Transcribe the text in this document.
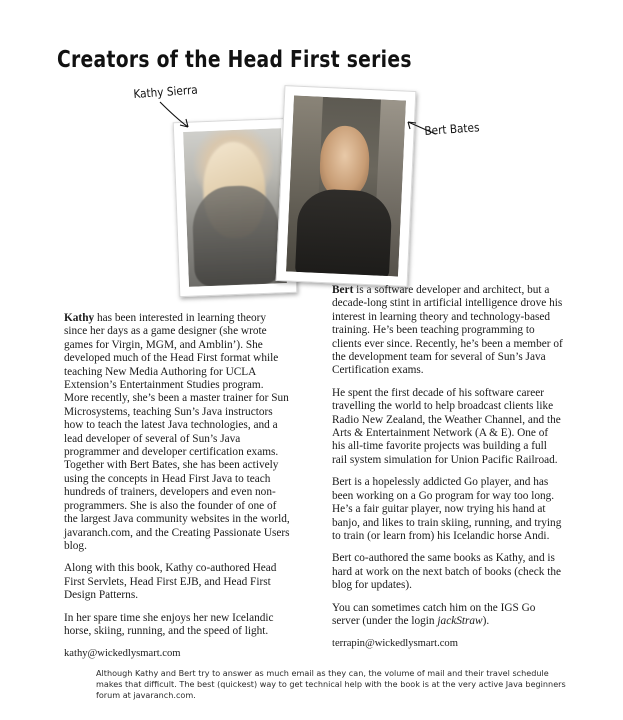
Creators of the Head First series
Kathy Sierra
Bert Bates

Kathy has been interested in learning theory since her days as a game designer (she wrote games for Virgin, MGM, and Amblin’). She developed much of the Head First format while teaching New Media Authoring for UCLA Extension’s Entertainment Studies program. More recently, she’s been a master trainer for Sun Microsystems, teaching Sun’s Java instructors how to teach the latest Java technologies, and a lead developer of several of Sun’s Java programmer and developer certification exams. Together with Bert Bates, she has been actively using the concepts in Head First Java to teach hundreds of trainers, developers and even non-programmers. She is also the founder of one of the largest Java community websites in the world, javaranch.com, and the Creating Passionate Users blog.

Along with this book, Kathy co-authored Head First Servlets, Head First EJB, and Head First Design Patterns.

In her spare time she enjoys her new Icelandic horse, skiing, running, and the speed of light.

kathy@wickedlysmart.com

Bert is a software developer and architect, but a decade-long stint in artificial intelligence drove his interest in learning theory and technology-based training. He’s been teaching programming to clients ever since. Recently, he’s been a member of the development team for several of Sun’s Java Certification exams.

He spent the first decade of his software career travelling the world to help broadcast clients like Radio New Zealand, the Weather Channel, and the Arts & Entertainment Network (A & E). One of his all-time favorite projects was building a full rail system simulation for Union Pacific Railroad.

Bert is a hopelessly addicted Go player, and has been working on a Go program for way too long. He’s a fair guitar player, now trying his hand at banjo, and likes to train skiing, running, and trying to train (or learn from) his Icelandic horse Andi.

Bert co-authored the same books as Kathy, and is hard at work on the next batch of books (check the blog for updates).

You can sometimes catch him on the IGS Go server (under the login jackStraw).

terrapin@wickedlysmart.com

Although Kathy and Bert try to answer as much email as they can, the volume of mail and their travel schedule makes that difficult. The best (quickest) way to get technical help with the book is at the very active Java beginners forum at javaranch.com.
